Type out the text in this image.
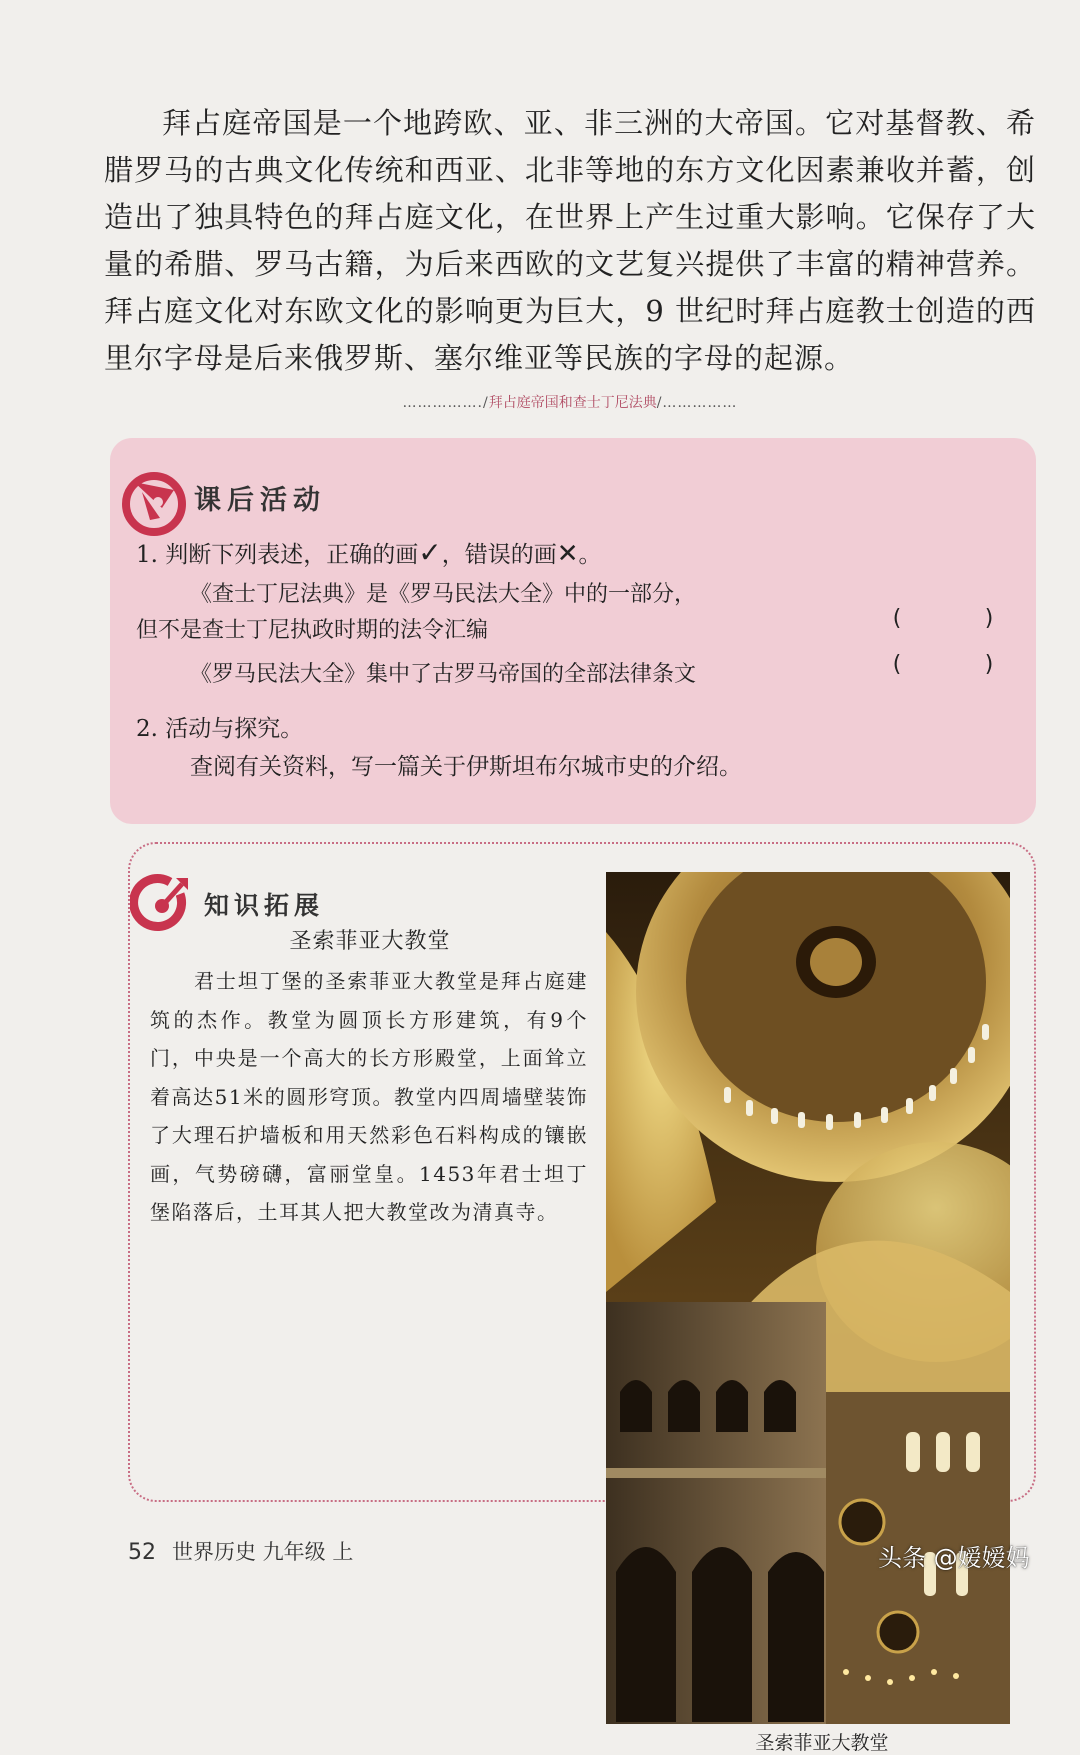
拜占庭帝国是一个地跨欧、亚、非三洲的大帝国。它对基督教、希腊罗马的古典文化传统和西亚、北非等地的东方文化因素兼收并蓄，创造出了独具特色的拜占庭文化，在世界上产生过重大影响。它保存了大量的希腊、罗马古籍，为后来西欧的文艺复兴提供了丰富的精神营养。拜占庭文化对东欧文化的影响更为巨大，9 世纪时拜占庭教士创造的西里尔字母是后来俄罗斯、塞尔维亚等民族的字母的起源。

……………./拜占庭帝国和查士丁尼法典/……………
课后活动
1. 判断下列表述，正确的画✓，错误的画✕。
《查士丁尼法典》是《罗马民法大全》中的一部分，
但不是查士丁尼执政时期的法令汇编	(      )
《罗马民法大全》集中了古罗马帝国的全部法律条文	(      )
2. 活动与探究。
查阅有关资料，写一篇关于伊斯坦布尔城市史的介绍。
知识拓展
圣索菲亚大教堂

君士坦丁堡的圣索菲亚大教堂是拜占庭建筑的杰作。教堂为圆顶长方形建筑，有9个门，中央是一个高大的长方形殿堂，上面耸立着高达51米的圆形穹顶。教堂内四周墙壁装饰了大理石护墙板和用天然彩色石料构成的镶嵌画，气势磅礴，富丽堂皇。1453年君士坦丁堡陷落后，土耳其人把大教堂改为清真寺。

圣索菲亚大教堂
52 世界历史 九年级 上	头条 @嫒嫒妈
